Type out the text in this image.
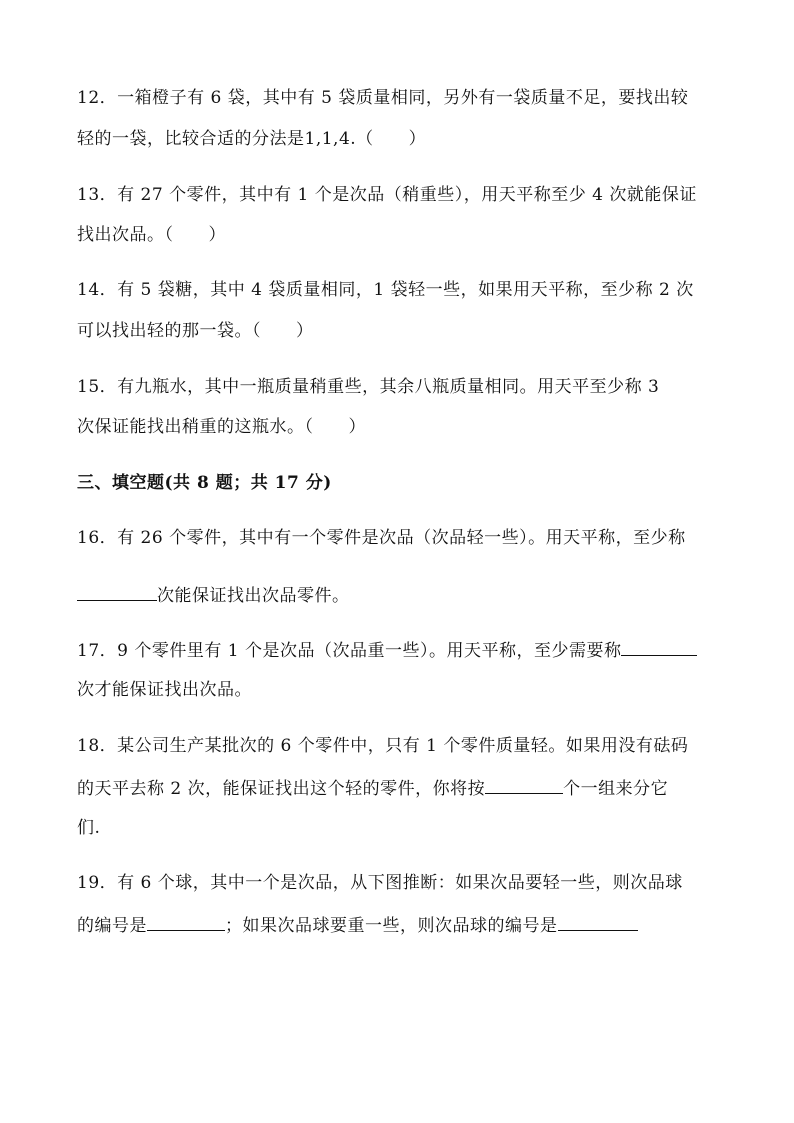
12．一箱橙子有 6 袋，其中有 5 袋质量相同，另外有一袋质量不足，要找出较
轻的一袋，比较合适的分法是1,1,4.（　　）
13．有 27 个零件，其中有 1 个是次品（稍重些），用天平称至少 4 次就能保证
找出次品。（　　）
14．有 5 袋糖，其中 4 袋质量相同，1 袋轻一些，如果用天平称，至少称 2 次
可以找出轻的那一袋。（　　）
15．有九瓶水，其中一瓶质量稍重些，其余八瓶质量相同。用天平至少称 3
次保证能找出稍重的这瓶水。（　　）
三、填空题(共 8 题；共 17 分)
16．有 26 个零件，其中有一个零件是次品（次品轻一些）。用天平称，至少称
次能保证找出次品零件。
17．9 个零件里有 1 个是次品（次品重一些）。用天平称，至少需要称
次才能保证找出次品。
18．某公司生产某批次的 6 个零件中，只有 1 个零件质量轻。如果用没有砝码
的天平去称 2 次，能保证找出这个轻的零件，你将按	个一组来分它
们.
19．有 6 个球，其中一个是次品，从下图推断：如果次品要轻一些，则次品球
的编号是	；如果次品球要重一些，则次品球的编号是
